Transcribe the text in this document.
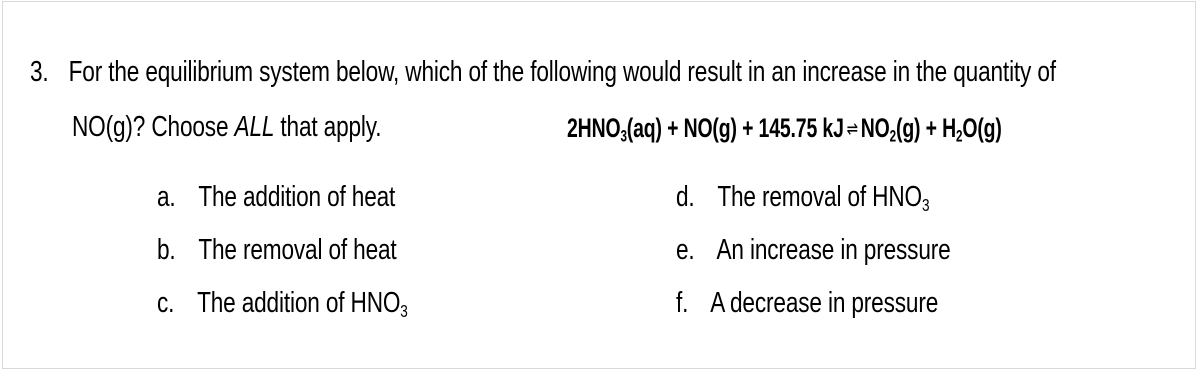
3. For the equilibrium system below, which of the following would result in an increase in the quantity of
NO(g)? Choose ALL that apply.	$2HNO_3(aq) + NO(g) + 145.75$ kJ ⇌ $NO_2(g) + H_2O(g)$
a. The addition of heat
b. The removal of heat
c. The addition of $HNO_3$
d. The removal of $HNO_3$
e. An increase in pressure
f. A decrease in pressure
